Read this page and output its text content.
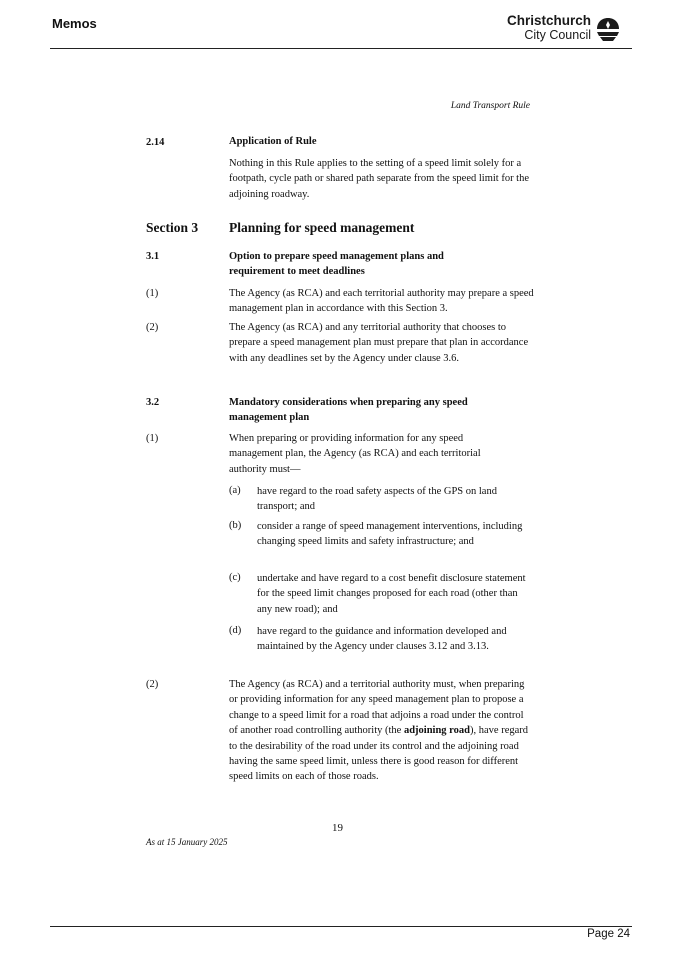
Memos	Christchurch
City Council
Land Transport Rule
2.14	Application of Rule
Nothing in this Rule applies to the setting of a speed limit solely for a footpath, cycle path or shared path separate from the speed limit for the adjoining roadway.
Section 3 Planning for speed management
3.1	Option to prepare speed management plans and requirement to meet deadlines
(1)	The Agency (as RCA) and each territorial authority may prepare a speed management plan in accordance with this Section 3.
(2)	The Agency (as RCA) and any territorial authority that chooses to prepare a speed management plan must prepare that plan in accordance with any deadlines set by the Agency under clause 3.6.
3.2	Mandatory considerations when preparing any speed management plan
(1)	When preparing or providing information for any speed management plan, the Agency (as RCA) and each territorial authority must—
(a) have regard to the road safety aspects of the GPS on land transport; and
(b) consider a range of speed management interventions, including changing speed limits and safety infrastructure; and
(c) undertake and have regard to a cost benefit disclosure statement for the speed limit changes proposed for each road (other than any new road); and
(d) have regard to the guidance and information developed and maintained by the Agency under clauses 3.12 and 3.13.
(2)	The Agency (as RCA) and a territorial authority must, when preparing or providing information for any speed management plan to propose a change to a speed limit for a road that adjoins a road under the control of another road controlling authority (the adjoining road), have regard to the desirability of the road under its control and the adjoining road having the same speed limit, unless there is good reason for different speed limits on each of those roads.
19
As at 15 January 2025
Page 24
